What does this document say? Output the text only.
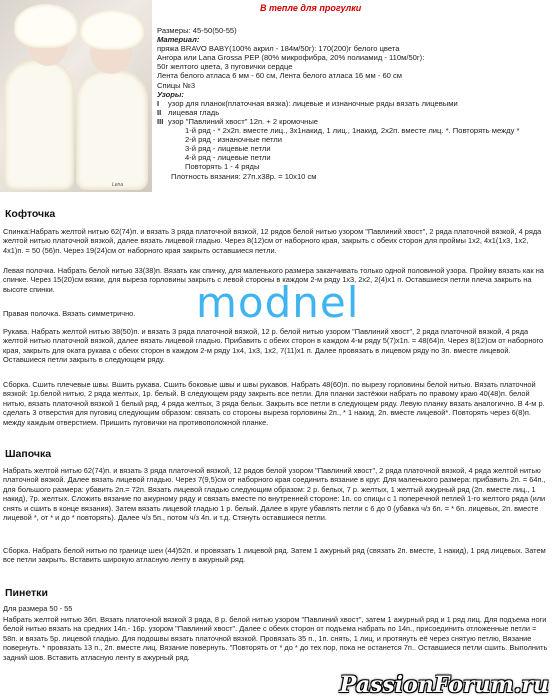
Lena
В тепле для прогулки
Размеры: 45-50(50-55)
Материал:
пряжа BRAVO BABY(100% акрил - 184м/50г): 170(200)г белого цвета
Ангора или Lana Grossa PEP (80% микрофибра, 20% полиамид - 110м/50г):
50г желтого цвета, 3 пуговички сердце
Лента белого атласа 6 мм - 60 см, Лента белого атласа 16 мм - 60 см
Спицы №3
Узоры:
I	узор для планок(платочная вязка): лицевые и изнаночные ряды вязать лицевыми
II лицевая гладь
III узор "Павлиний хвост" 12п. + 2 кромочные
1-й ряд - * 2х2п. вместе лиц., 3х1накид, 1 лиц., 1накид, 2х2п. вместе лиц. *. Повторять между *
2-й ряд - изнаночные петли
3-й ряд - лицевые петли
4-й ряд - лицевые петли
Повторять 1 - 4 ряды
Плотность вязания: 27п.х38р. = 10х10 см
Кофточка
Спинка:Набрать желтой нитью 62(74)п. и вязать 3 ряда платочной вязкой, 12 рядов белой нитью узором "Павлиний хвост", 2 ряда платочной вязкой, 4 ряда желтой нитью платочной вязкой, далее вязать лицевой гладью. Через 8(12)см от наборного края, закрыть с обеих сторон для проймы 1х2, 4х1(1х3, 1х2, 4х1)п. = 50 (56)п. Через 19(24)см от наборного края закрыть оставшиеся петли.
Левая полочка. Набрать белой нитью 33(38)п. Вязать как спинку, для маленького размера заканчивать только одной половиной узора. Пройму вязать как на спинке. Через 15(20)см вязки, для выреза горловины закрыть с левой стороны в каждом 2-м ряду 1х3, 2х2, 2(4)х1 п. Оставшиеся петли плеча закрыть на высоте спинки.
Правая полочка. Вязать симметрично.
Рукава. Набрать желтой нитью 38(50)п. и вязать 3 ряда платочной вязкой, 12 р. белой нитью узором "Павлиний хвост", 2 ряда платочной вязкой, 4 ряда желтой нитью платочной вязкой, далее вязать лицевой гладью. Прибавить с обеих сторон в каждом 4-м ряду 5(7)х1п. = 48(64)п. Через 8(12)см от наборного края, закрыть для оката рукава с обеих сторон в каждом 2-м ряду 1х4, 1х3, 1х2, 7(11)х1 п. Далее провязать в лицевом ряду по 3п. вместе лицевой. Оставшиеся петли закрыть в следующем ряду.
Сборка. Сшить плечевые швы. Вшить рукава. Сшить боковые швы и швы рукавов. Набрать 48(60)п. по вырезу горловины белой нитью. Вязать платочной вязкой: 1р.белой нитью, 2 ряда желтых, 1р. белый. В следующем ряду закрыть все петли. Для планки застёжки набрать по правому краю 40(48)п. белой нитью, вязать платочной вязкой 1 белый ряд, 4 ряда желтых, 3 ряда белых. Закрыть все петли в следующем ряду. Левую планку вязать аналогично. В 4-м р. сделать 3 отверстия для пуговиц следующим образом: связать со стороны выреза горловины 2п., * 1 накид, 2п. вместе лицевой*. Повторять через 6(8)п. между каждым отверстием. Пришить пуговички на противоположной планке.
Шапочка
Набрать желтой нитью 62(74)п. и вязать 3 ряда платочной вязкой, 12 рядов белой узором "Павлиний хвост", 2 ряда платочной вязкой, 4 ряда желтой нитью платочной вязкой. Далее вязать лицевой гладью. Через 7(9,5)см от наборного края соединить вязание в круг. Для маленького размера: прибавить 2п. = 64п., для большого размера: убавить 2п.= 72п. Вязать лицевой гладью следующим образом: 2 р. белых, 7 р. желтых, 1 желтый ажурный ряд (2п. вместе лиц., 1 накид), 7р. желтых. Сложить вязание по ажурному ряду и связать вместе по внутренней стороне: 1п. со спицы с 1 поперечной петлей 1-го желтого ряда (или снять и сшить в конце вязания). Затем вязать лицевой гладью 1 р. белый. Далее в круге убавлять петли с 6 до 0 (убавка ч/з 6п. = * 6п. лицевых, 2п. вместе лицевой *, от * и до * повторять). Далее ч/з 5п., потом ч/з 4п. и т.д. Стянуть оставшиеся петли.
Сборка. Набрать белой нитью по границе шеи (44)52п. и провязать 1 лицевой ряд. Затем 1 ажурный ряд (связать 2п. вместе, 1 накид), 1 ряд лицевых. Затем все петли закрыть. Вставить широкую атласную ленту в ажурный ряд.
Пинетки
Для размера 50 - 55
Набрать желтой нитью 36п. Вязать платочной вязкой 3 ряда, 8 р. белой нитью узором "Павлиний хвост", затем 1 ажурный ряд и 1 ряд лиц. Для подъема ноги белой нитью вязать на средних 14п.- 16р. узором "Павлиний хвост". Далее с обеих сторон от подъема набрать по 14п., присоединить отложенные петли = 58п. и вязать 5р. лицевой гладью. Для подошвы вязать платочной вязкой. Провязать 35 п., 1п. снять, 1 лиц, и протянуть её через снятую петлю, Вязание повернуть. * провязать 13 п., 2п. вместе лиц. Вязание повернуть. "Повторять от * до * до тех пор, пока не останется 7п.. Оставшиеся петли сшить. Выполнить задний шов. Вставить атласную ленту в ажурный ряд.
modnel
PassionForum.ru
